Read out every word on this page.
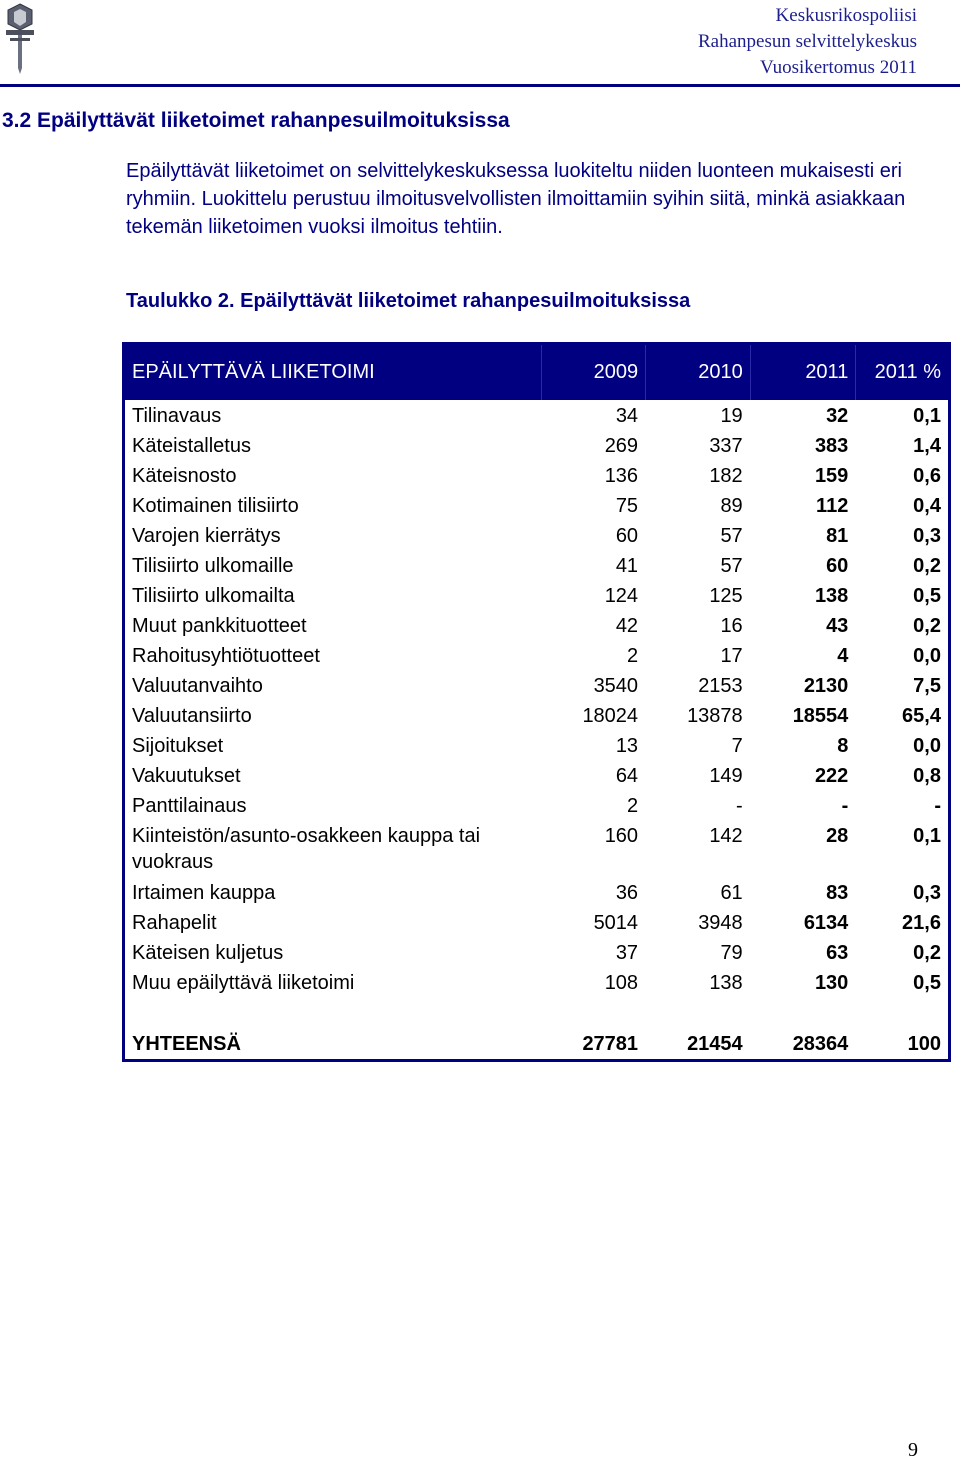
Keskusrikospoliisi
Rahanpesun selvittelykeskus
Vuosikertomus 2011
3.2 Epäilyttävät liiketoimet rahanpesuilmoituksissa

Epäilyttävät liiketoimet on selvittelykeskuksessa luokiteltu niiden luonteen mukaisesti eri ryhmiin. Luokittelu perustuu ilmoitusvelvollisten ilmoittamiin syihin siitä, minkä asiakkaan tekemän liiketoimen vuoksi ilmoitus tehtiin.

Taulukko 2. Epäilyttävät liiketoimet rahanpesuilmoituksissa

EPÄILYTTÄVÄ LIIKETOIMI	2009	2010	2011	2011 %
Tilinavaus	34	19	32	0,1
Käteistalletus	269	337	383	1,4
Käteisnosto	136	182	159	0,6
Kotimainen tilisiirto	75	89	112	0,4
Varojen kierrätys	60	57	81	0,3
Tilisiirto ulkomaille	41	57	60	0,2
Tilisiirto ulkomailta	124	125	138	0,5
Muut pankkituotteet	42	16	43	0,2
Rahoitusyhtiötuotteet	2	17	4	0,0
Valuutanvaihto	3540	2153	2130	7,5
Valuutansiirto	18024	13878	18554	65,4
Sijoitukset	13	7	8	0,0
Vakuutukset	64	149	222	0,8
Panttilainaus	2	-	-	-
Kiinteistön/asunto-osakkeen kauppa tai vuokraus
160	142	28	0,1
Irtaimen kauppa	36	61	83	0,3
Rahapelit	5014	3948	6134	21,6
Käteisen kuljetus	37	79	63	0,2
Muu epäilyttävä liiketoimi	108	138	130	0,5
YHTEENSÄ	27781	21454	28364	100
9
